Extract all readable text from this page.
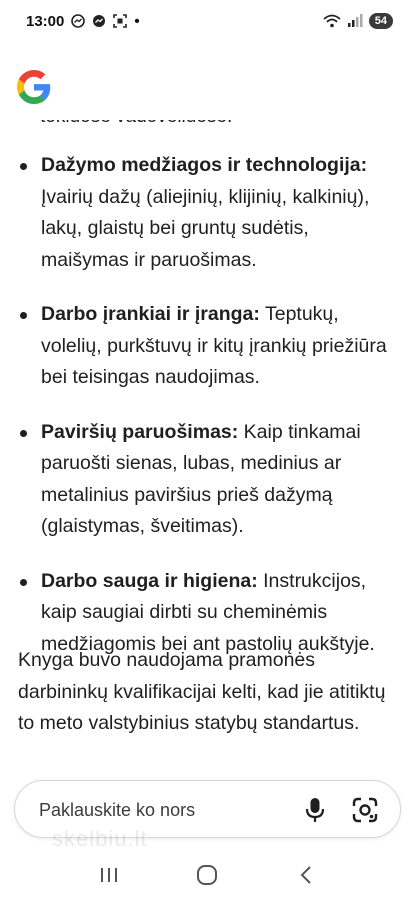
13:00	•	54
Dažymo medžiagos ir technologija: Įvairių dažų (aliejinių, klijinių, kalkinių), lakų, glaistų bei gruntų sudėtis, maišymas ir paruošimas.
Darbo įrankiai ir įranga: Teptukų, volelių, purkštuvų ir kitų įrankių priežiūra bei teisingas naudojimas.
Paviršių paruošimas: Kaip tinkamai paruošti sienas, lubas, medinius ar metalinius paviršius prieš dažymą (glaistymas, šveitimas).
Darbo sauga ir higiena: Instrukcijos, kaip saugiai dirbti su cheminėmis medžiagomis bei ant pastolių aukštyje.

Knyga buvo naudojama pramonės darbininkų kvalifikacijai kelti, kad jie atitiktų to meto valstybinius statybų standartus.

Paklauskite ko nors
skelbiu.lt
